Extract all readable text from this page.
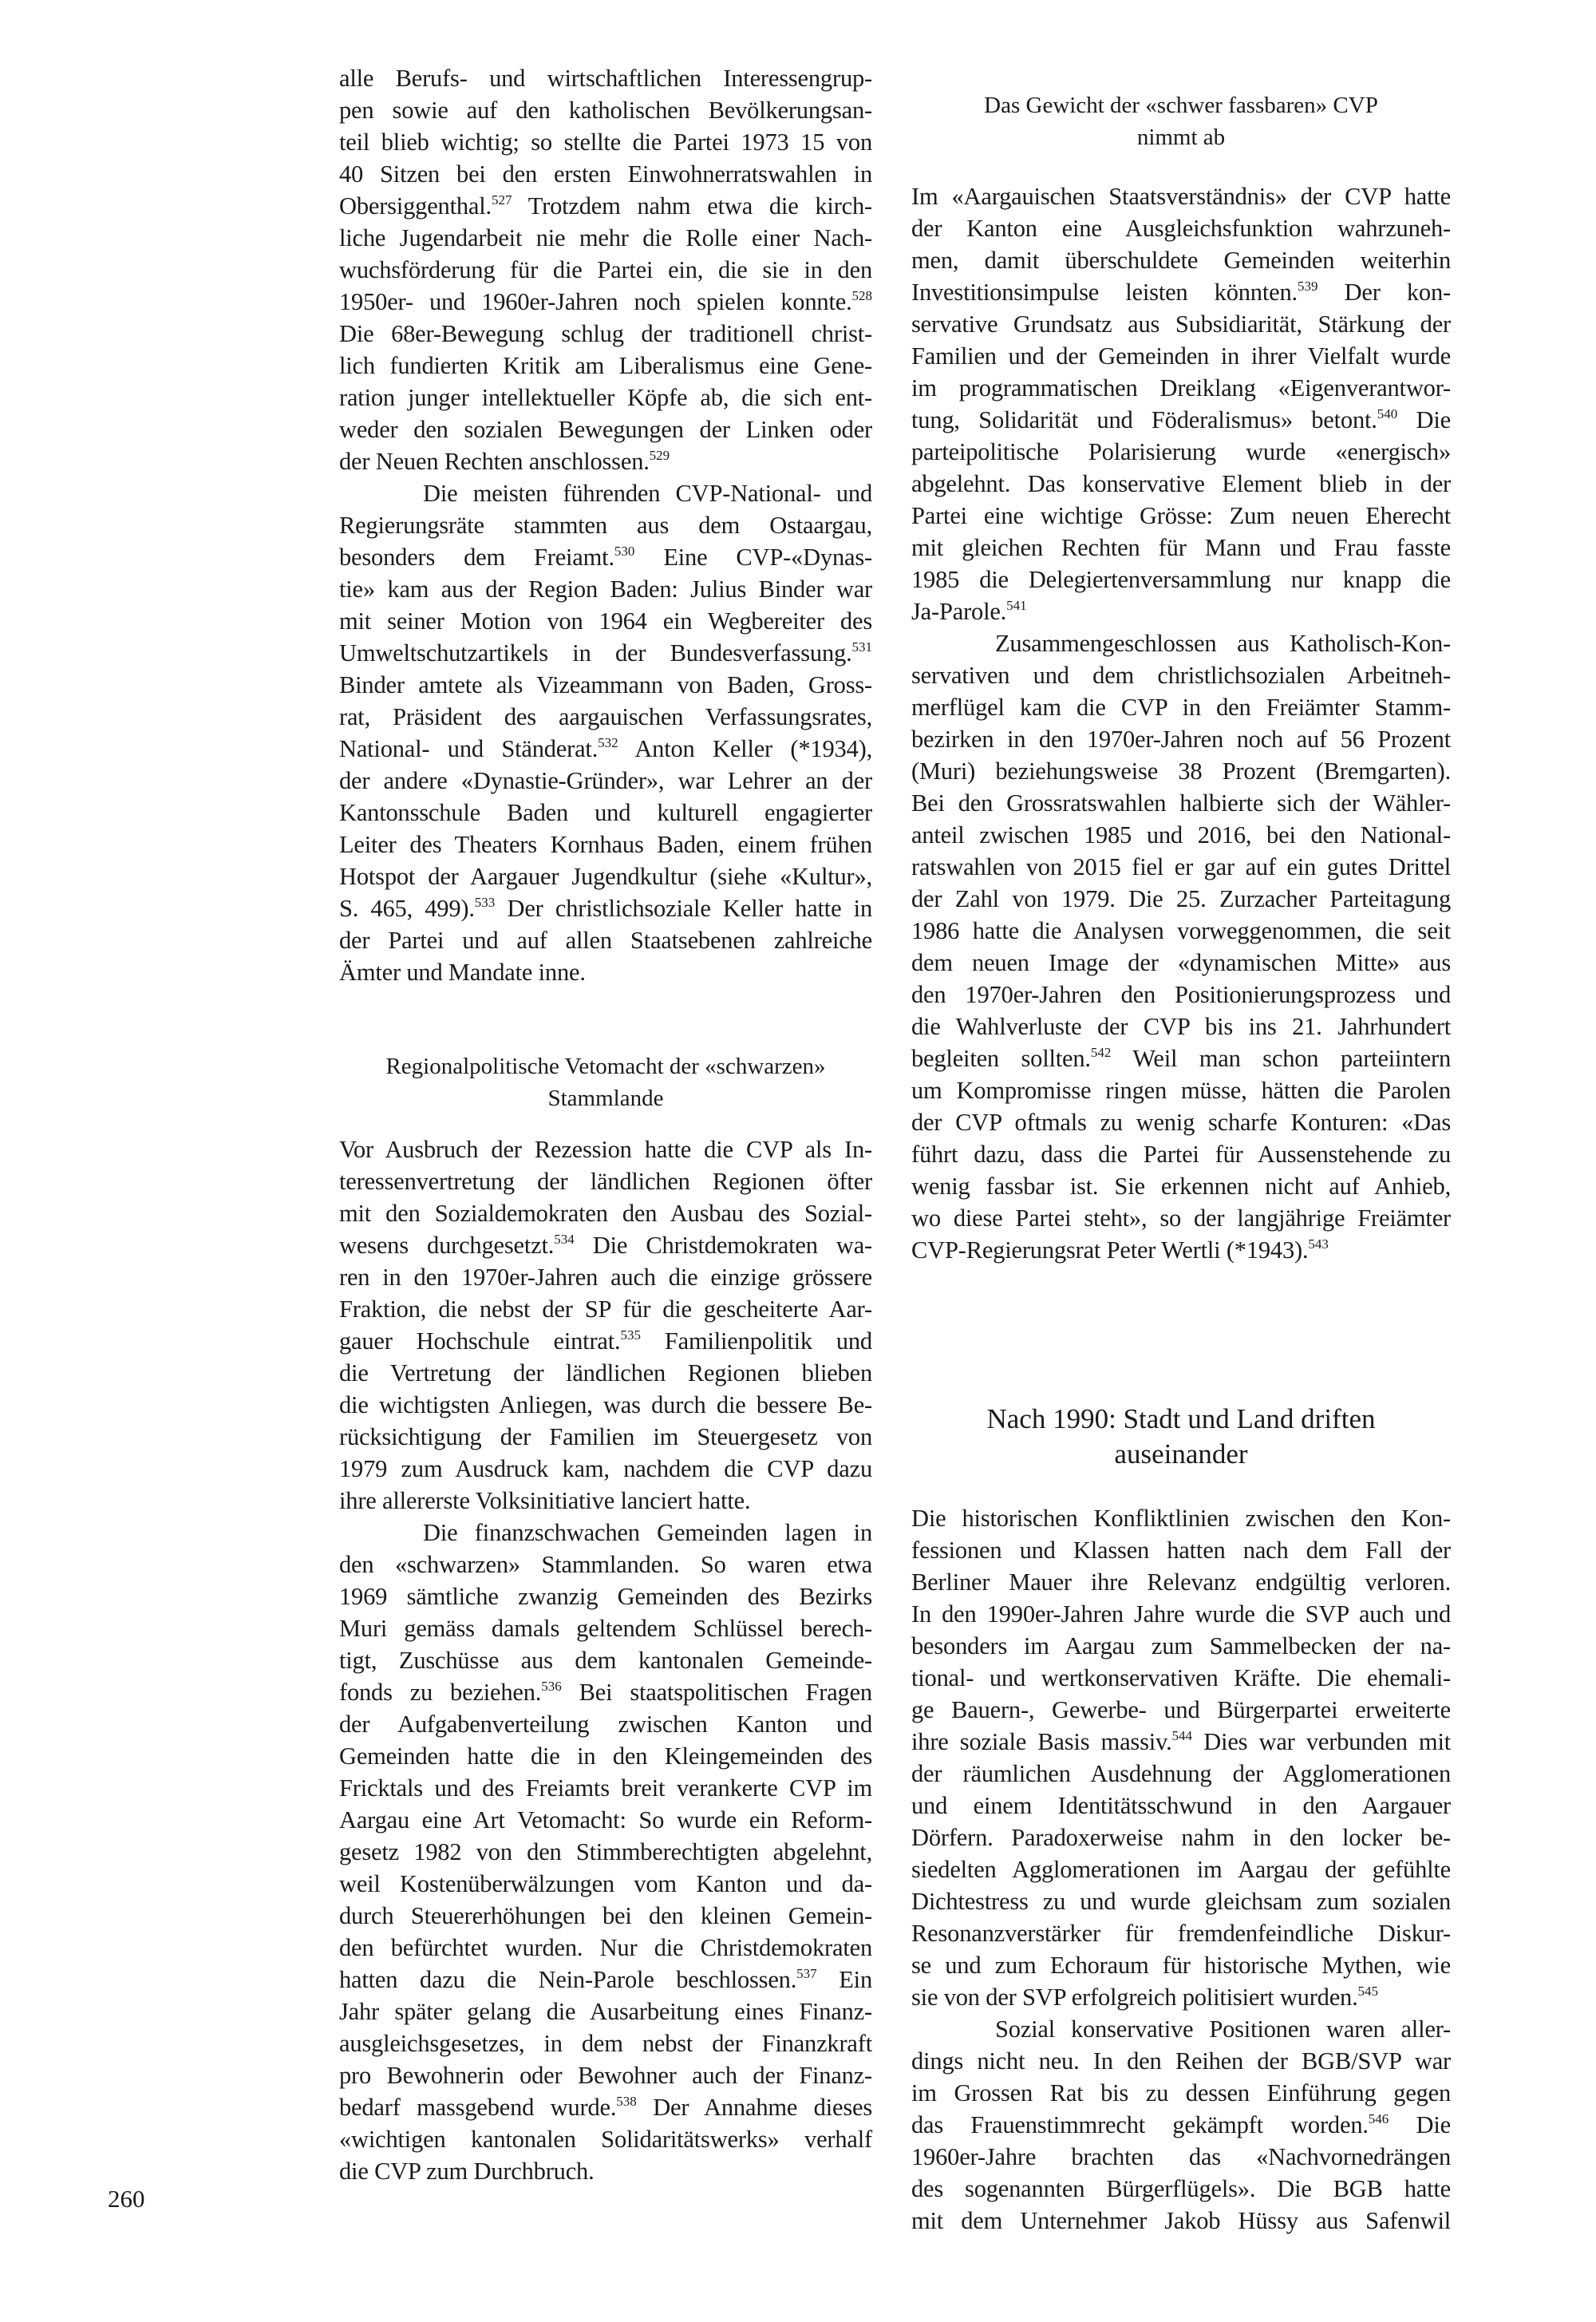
alle Berufs- und wirtschaftlichen Interessengrup-
pen sowie auf den katholischen Bevölkerungsan-
teil blieb wichtig; so stellte die Partei 1973 15 von
40 Sitzen bei den ersten Einwohnerratswahlen in
Obersiggenthal.$^{527}$ Trotzdem nahm etwa die kirch-
liche Jugendarbeit nie mehr die Rolle einer Nach-
wuchsförderung für die Partei ein, die sie in den
1950er- und 1960er-Jahren noch spielen konnte.$^{528}$
Die 68er-Bewegung schlug der traditionell christ-
lich fundierten Kritik am Liberalismus eine Gene-
ration junger intellektueller Köpfe ab, die sich ent-
weder den sozialen Bewegungen der Linken oder
der Neuen Rechten anschlossen.$^{529}$
Die meisten führenden CVP-National- und
Regierungsräte stammten aus dem Ostaargau,
besonders dem Freiamt.$^{530}$ Eine CVP-«Dynas-
tie» kam aus der Region Baden: Julius Binder war
mit seiner Motion von 1964 ein Wegbereiter des
Umweltschutzartikels in der Bundesverfassung.$^{531}$
Binder amtete als Vizeammann von Baden, Gross-
rat, Präsident des aargauischen Verfassungsrates,
National- und Ständerat.$^{532}$ Anton Keller (*1934),
der andere «Dynastie-Gründer», war Lehrer an der
Kantonsschule Baden und kulturell engagierter
Leiter des Theaters Kornhaus Baden, einem frühen
Hotspot der Aargauer Jugendkultur (siehe «Kultur»,
S. 465, 499).$^{533}$ Der christlichsoziale Keller hatte in
der Partei und auf allen Staatsebenen zahlreiche
Ämter und Mandate inne.
Regionalpolitische Vetomacht der «schwarzen»
Stammlande
Vor Ausbruch der Rezession hatte die CVP als In-
teressenvertretung der ländlichen Regionen öfter
mit den Sozialdemokraten den Ausbau des Sozial-
wesens durchgesetzt.$^{534}$ Die Christdemokraten wa-
ren in den 1970er-Jahren auch die einzige grössere
Fraktion, die nebst der SP für die gescheiterte Aar-
gauer Hochschule eintrat.$^{535}$ Familienpolitik und
die Vertretung der ländlichen Regionen blieben
die wichtigsten Anliegen, was durch die bessere Be-
rücksichtigung der Familien im Steuergesetz von
1979 zum Ausdruck kam, nachdem die CVP dazu
ihre allererste Volksinitiative lanciert hatte.
Die finanzschwachen Gemeinden lagen in
den «schwarzen» Stammlanden. So waren etwa
1969 sämtliche zwanzig Gemeinden des Bezirks
Muri gemäss damals geltendem Schlüssel berech-
tigt, Zuschüsse aus dem kantonalen Gemeinde-
fonds zu beziehen.$^{536}$ Bei staatspolitischen Fragen
der Aufgabenverteilung zwischen Kanton und
Gemeinden hatte die in den Kleingemeinden des
Fricktals und des Freiamts breit verankerte CVP im
Aargau eine Art Vetomacht: So wurde ein Reform-
gesetz 1982 von den Stimmberechtigten abgelehnt,
weil Kostenüberwälzungen vom Kanton und da-
durch Steuererhöhungen bei den kleinen Gemein-
den befürchtet wurden. Nur die Christdemokraten
hatten dazu die Nein-Parole beschlossen.$^{537}$ Ein
Jahr später gelang die Ausarbeitung eines Finanz-
ausgleichsgesetzes, in dem nebst der Finanzkraft
pro Bewohnerin oder Bewohner auch der Finanz-
bedarf massgebend wurde.$^{538}$ Der Annahme dieses
«wichtigen kantonalen Solidaritätswerks» verhalf
die CVP zum Durchbruch.
Das Gewicht der «schwer fassbaren» CVP
nimmt ab
Im «Aargauischen Staatsverständnis» der CVP hatte
der Kanton eine Ausgleichsfunktion wahrzuneh-
men, damit überschuldete Gemeinden weiterhin
Investitionsimpulse leisten könnten.$^{539}$ Der kon-
servative Grundsatz aus Subsidiarität, Stärkung der
Familien und der Gemeinden in ihrer Vielfalt wurde
im programmatischen Dreiklang «Eigenverantwor-
tung, Solidarität und Föderalismus» betont.$^{540}$ Die
parteipolitische Polarisierung wurde «energisch»
abgelehnt. Das konservative Element blieb in der
Partei eine wichtige Grösse: Zum neuen Eherecht
mit gleichen Rechten für Mann und Frau fasste
1985 die Delegiertenversammlung nur knapp die
Ja-Parole.$^{541}$
Zusammengeschlossen aus Katholisch-Kon-
servativen und dem christlichsozialen Arbeitneh-
merflügel kam die CVP in den Freiämter Stamm-
bezirken in den 1970er-Jahren noch auf 56 Prozent
(Muri) beziehungsweise 38 Prozent (Bremgarten).
Bei den Grossratswahlen halbierte sich der Wähler-
anteil zwischen 1985 und 2016, bei den National-
ratswahlen von 2015 fiel er gar auf ein gutes Drittel
der Zahl von 1979. Die 25. Zurzacher Parteitagung
1986 hatte die Analysen vorweggenommen, die seit
dem neuen Image der «dynamischen Mitte» aus
den 1970er-Jahren den Positionierungsprozess und
die Wahlverluste der CVP bis ins 21. Jahrhundert
begleiten sollten.$^{542}$ Weil man schon parteiintern
um Kompromisse ringen müsse, hätten die Parolen
der CVP oftmals zu wenig scharfe Konturen: «Das
führt dazu, dass die Partei für Aussenstehende zu
wenig fassbar ist. Sie erkennen nicht auf Anhieb,
wo diese Partei steht», so der langjährige Freiämter
CVP-Regierungsrat Peter Wertli (*1943).$^{543}$
Nach 1990: Stadt und Land driften
auseinander
Die historischen Konfliktlinien zwischen den Kon-
fessionen und Klassen hatten nach dem Fall der
Berliner Mauer ihre Relevanz endgültig verloren.
In den 1990er-Jahren Jahre wurde die SVP auch und
besonders im Aargau zum Sammelbecken der na-
tional- und wertkonservativen Kräfte. Die ehemali-
ge Bauern-, Gewerbe- und Bürgerpartei erweiterte
ihre soziale Basis massiv.$^{544}$ Dies war verbunden mit
der räumlichen Ausdehnung der Agglomerationen
und einem Identitätsschwund in den Aargauer
Dörfern. Paradoxerweise nahm in den locker be-
siedelten Agglomerationen im Aargau der gefühlte
Dichtestress zu und wurde gleichsam zum sozialen
Resonanzverstärker für fremdenfeindliche Diskur-
se und zum Echoraum für historische Mythen, wie
sie von der SVP erfolgreich politisiert wurden.$^{545}$
Sozial konservative Positionen waren aller-
dings nicht neu. In den Reihen der BGB/SVP war
im Grossen Rat bis zu dessen Einführung gegen
das Frauenstimmrecht gekämpft worden.$^{546}$ Die
1960er-Jahre brachten das «Nachvornedrängen
des sogenannten Bürgerflügels». Die BGB hatte
mit dem Unternehmer Jakob Hüssy aus Safenwil
260
